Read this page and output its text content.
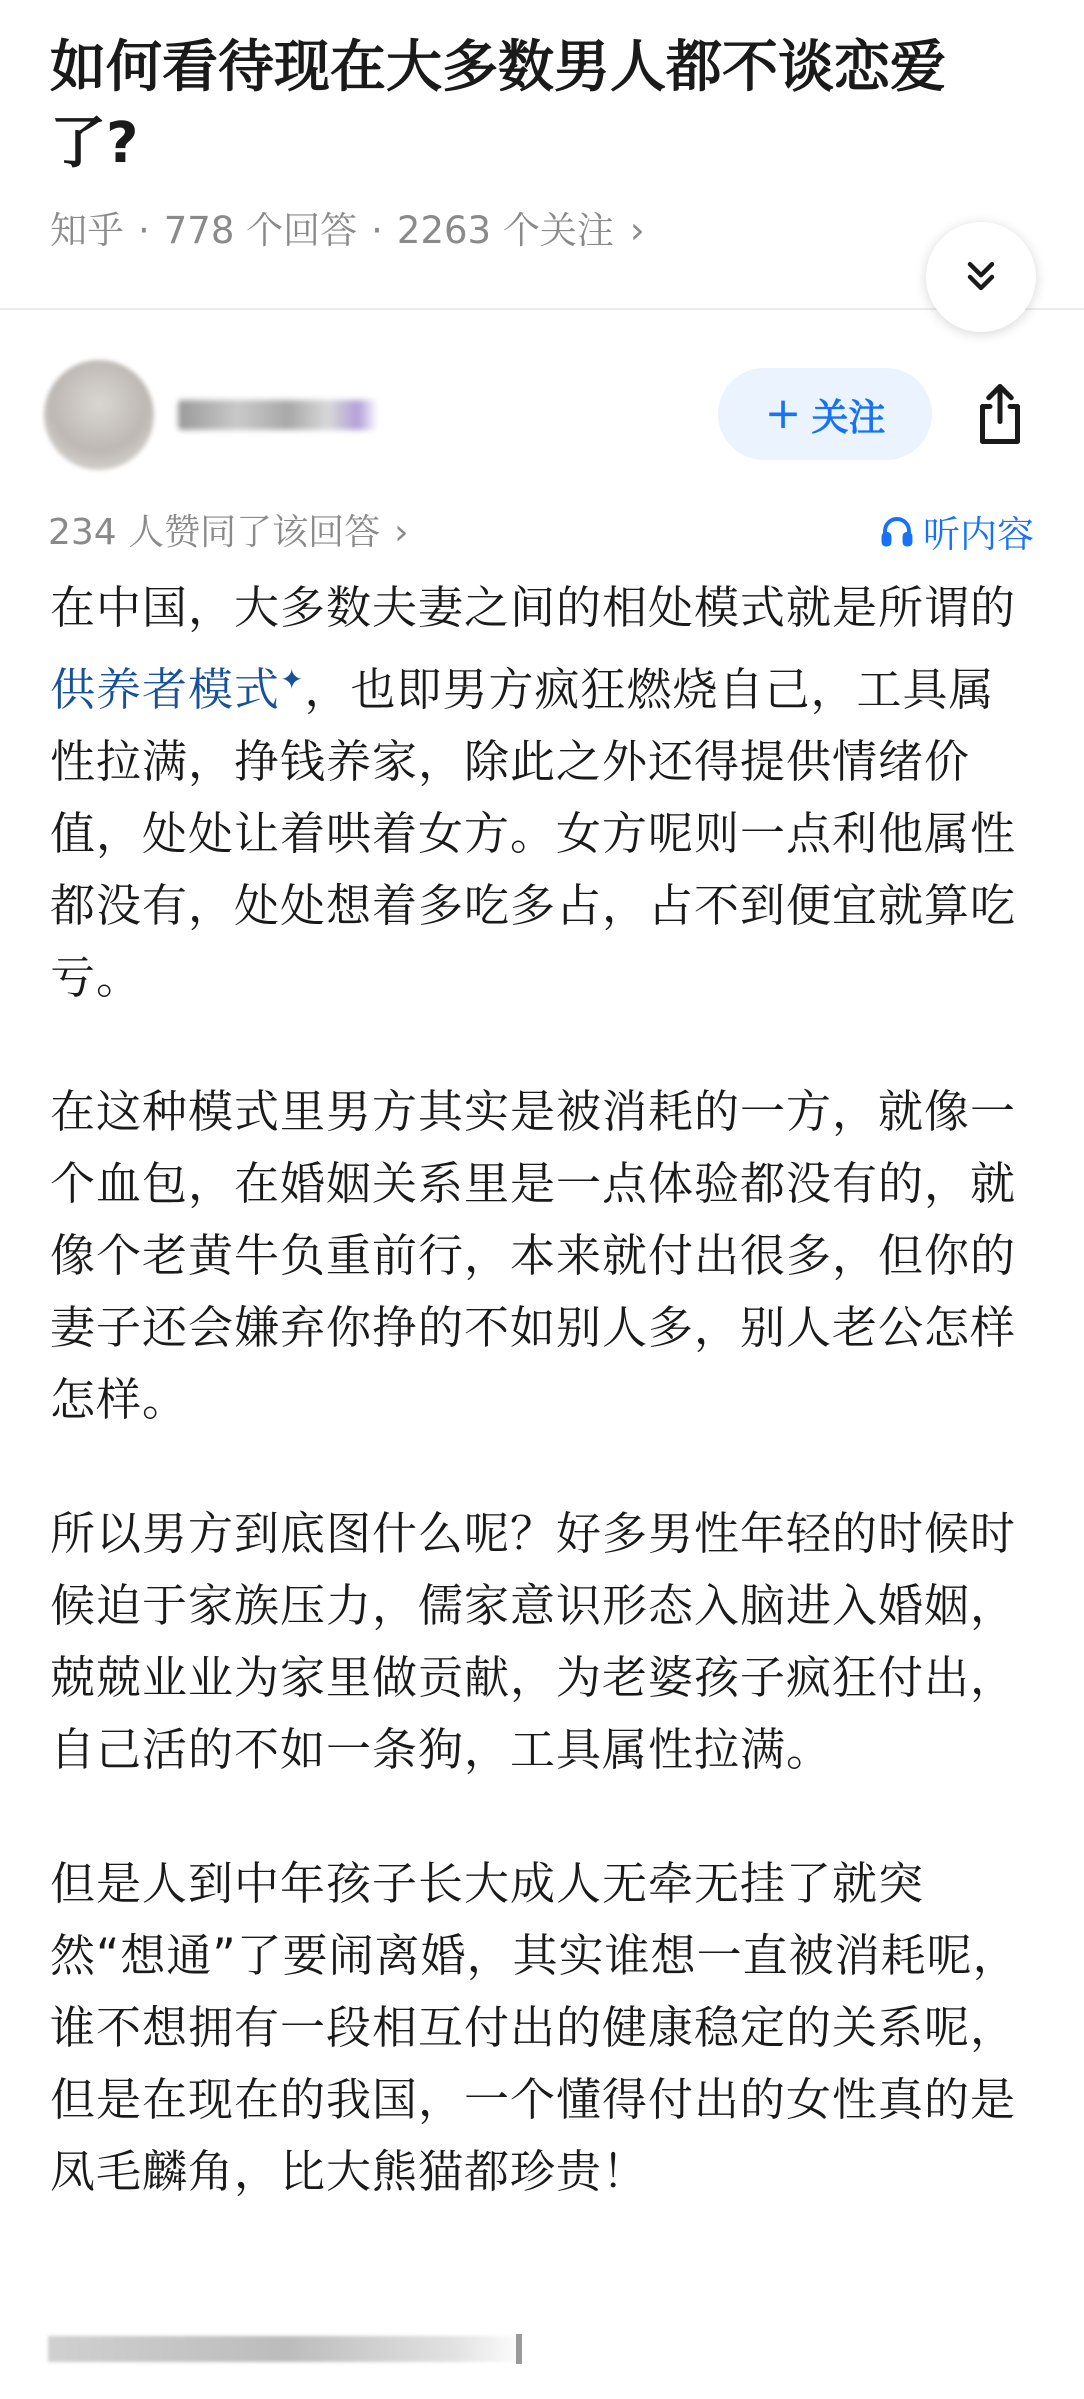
如何看待现在大多数男人都不谈恋爱了?
知乎 · 778 个回答 · 2263 个关注 ›
+ 关注
234 人赞同了该回答 ›	听内容

在中国，大多数夫妻之间的相处模式就是所谓的供养者模式✦，也即男方疯狂燃烧自己，工具属性拉满，挣钱养家，除此之外还得提供情绪价值，处处让着哄着女方。女方呢则一点利他属性都没有，处处想着多吃多占，占不到便宜就算吃亏。

在这种模式里男方其实是被消耗的一方，就像一个血包，在婚姻关系里是一点体验都没有的，就像个老黄牛负重前行，本来就付出很多，但你的妻子还会嫌弃你挣的不如别人多，别人老公怎样怎样。

所以男方到底图什么呢？好多男性年轻的时候时候迫于家族压力，儒家意识形态入脑进入婚姻，兢兢业业为家里做贡献，为老婆孩子疯狂付出，自己活的不如一条狗，工具属性拉满。

但是人到中年孩子长大成人无牵无挂了就突然“想通”了要闹离婚，其实谁想一直被消耗呢，谁不想拥有一段相互付出的健康稳定的关系呢，但是在现在的我国，一个懂得付出的女性真的是凤毛麟角，比大熊猫都珍贵！
